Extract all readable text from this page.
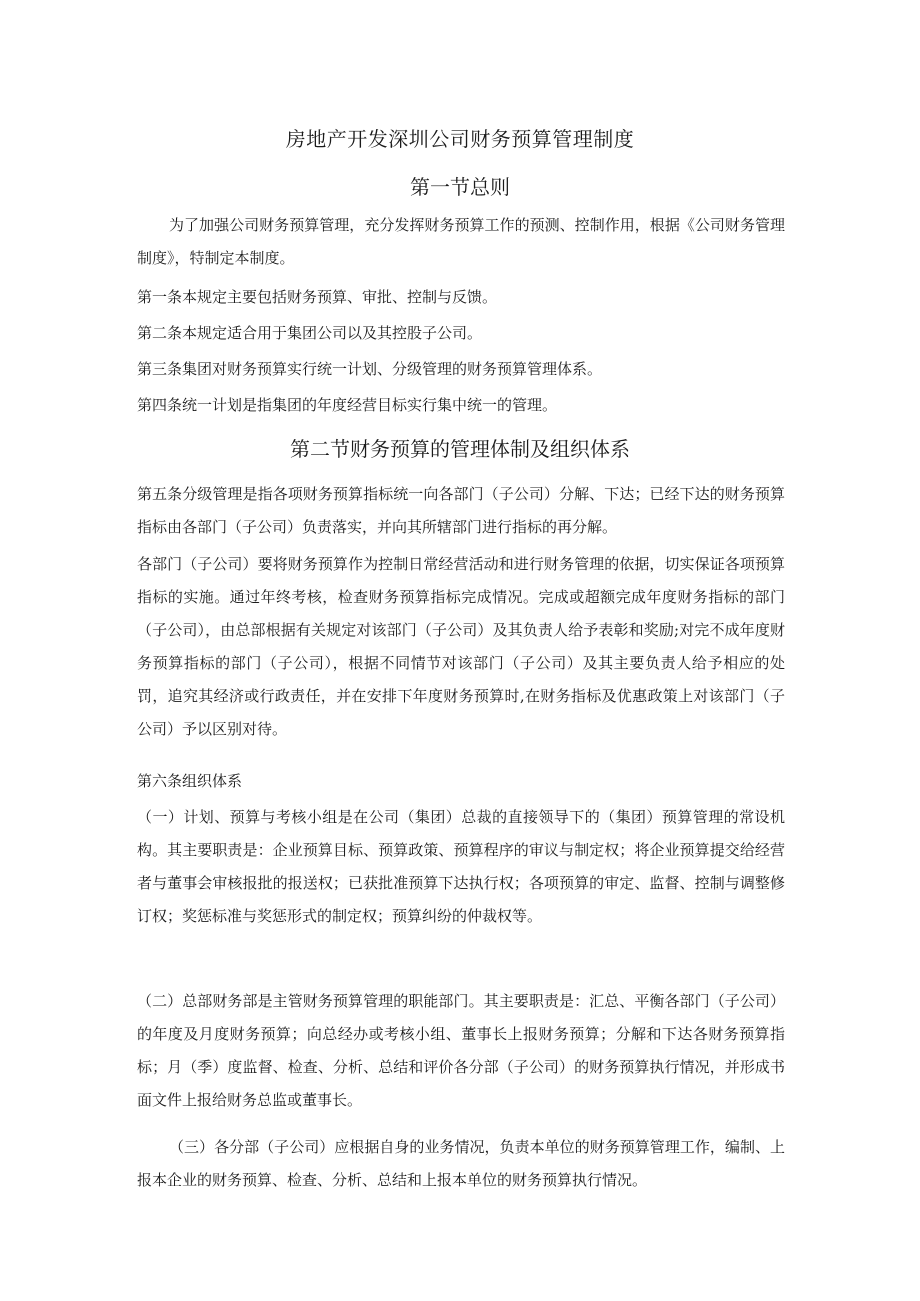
房地产开发深圳公司财务预算管理制度
第一节总则
为了加强公司财务预算管理，充分发挥财务预算工作的预测、控制作用，根据《公司财务管理制度》，特制定本制度。
第一条本规定主要包括财务预算、审批、控制与反馈。
第二条本规定适合用于集团公司以及其控股子公司。
第三条集团对财务预算实行统一计划、分级管理的财务预算管理体系。
第四条统一计划是指集团的年度经营目标实行集中统一的管理。
第二节财务预算的管理体制及组织体系
第五条分级管理是指各项财务预算指标统一向各部门（子公司）分解、下达；已经下达的财务预算指标由各部门（子公司）负责落实，并向其所辖部门进行指标的再分解。
各部门（子公司）要将财务预算作为控制日常经营活动和进行财务管理的依据，切实保证各项预算指标的实施。通过年终考核，检查财务预算指标完成情况。完成或超额完成年度财务指标的部门（子公司），由总部根据有关规定对该部门（子公司）及其负责人给予表彰和奖励;对完不成年度财务预算指标的部门（子公司），根据不同情节对该部门（子公司）及其主要负责人给予相应的处罚，追究其经济或行政责任，并在安排下年度财务预算时,在财务指标及优惠政策上对该部门（子公司）予以区别对待。
第六条组织体系
（一）计划、预算与考核小组是在公司（集团）总裁的直接领导下的（集团）预算管理的常设机构。其主要职责是：企业预算目标、预算政策、预算程序的审议与制定权；将企业预算提交给经营者与董事会审核报批的报送权；已获批准预算下达执行权；各项预算的审定、监督、控制与调整修订权；奖惩标准与奖惩形式的制定权；预算纠纷的仲裁权等。
（二）总部财务部是主管财务预算管理的职能部门。其主要职责是：汇总、平衡各部门（子公司）的年度及月度财务预算；向总经办或考核小组、董事长上报财务预算；分解和下达各财务预算指标；月（季）度监督、检查、分析、总结和评价各分部（子公司）的财务预算执行情况，并形成书面文件上报给财务总监或董事长。
（三）各分部（子公司）应根据自身的业务情况，负责本单位的财务预算管理工作，编制、上报本企业的财务预算、检查、分析、总结和上报本单位的财务预算执行情况。
